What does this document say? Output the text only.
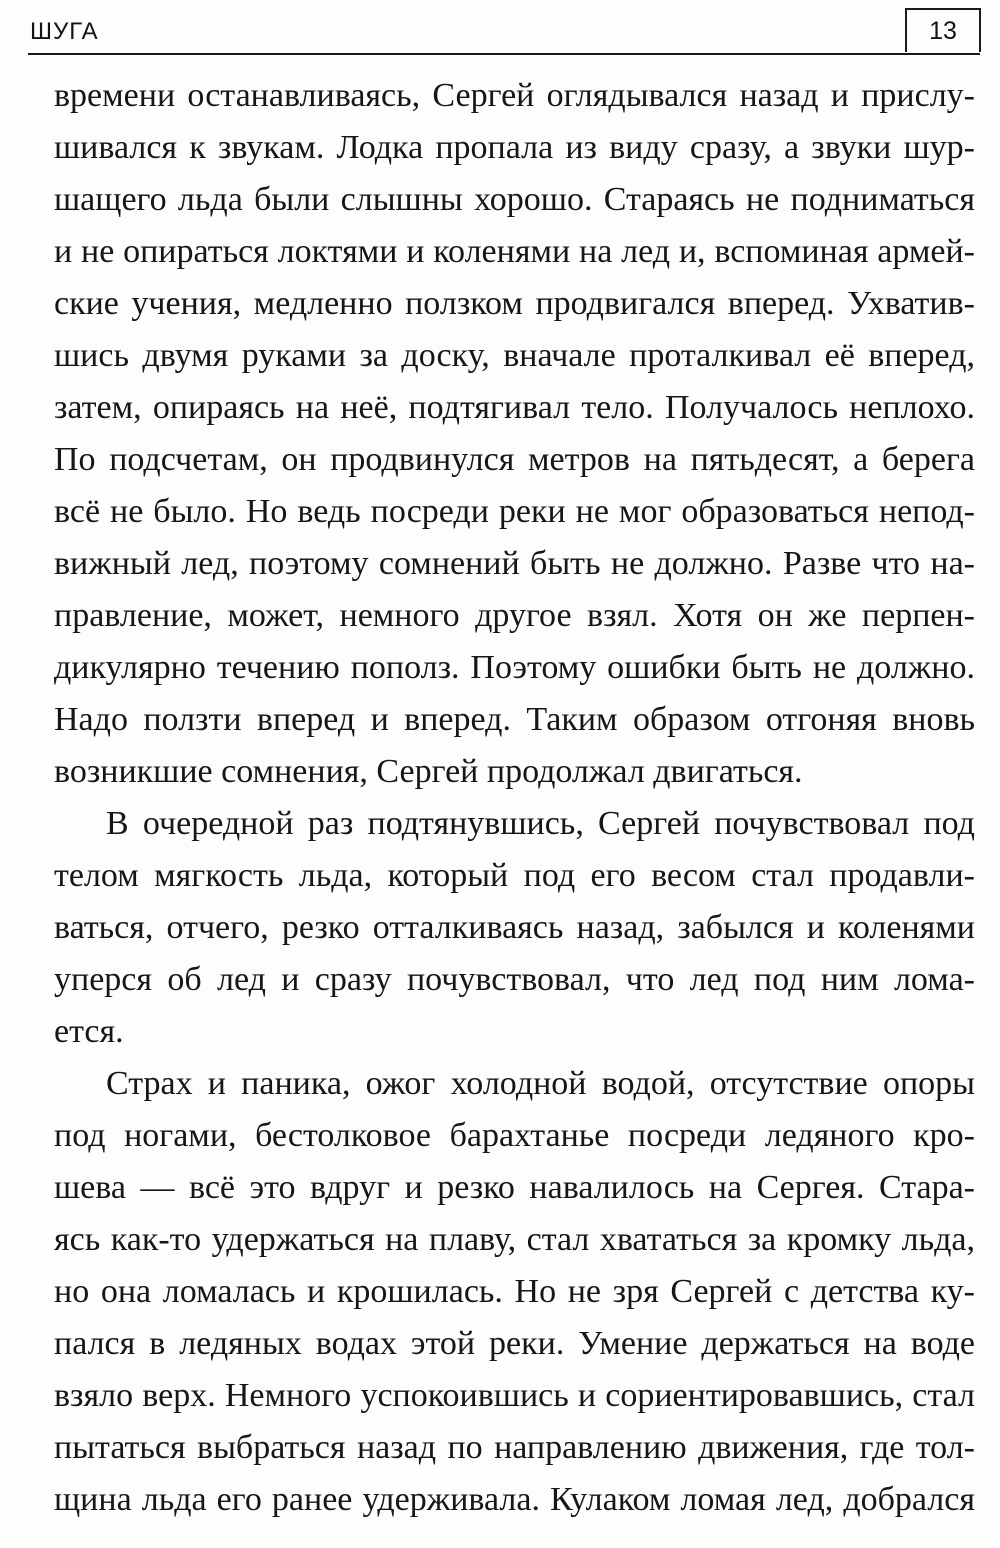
ШУГА	13
времени останавливаясь, Сергей оглядывался назад и прислу-
шивался к звукам. Лодка пропала из виду сразу, а звуки шур-
шащего льда были слышны хорошо. Стараясь не подниматься
и не опираться локтями и коленями на лед и, вспоминая армей-
ские учения, медленно ползком продвигался вперед. Ухватив-
шись двумя руками за доску, вначале проталкивал её вперед,
затем, опираясь на неё, подтягивал тело. Получалось неплохо.
По подсчетам, он продвинулся метров на пятьдесят, а берега
всё не было. Но ведь посреди реки не мог образоваться непод-
вижный лед, поэтому сомнений быть не должно. Разве что на-
правление, может, немного другое взял. Хотя он же перпен-
дикулярно течению пополз. Поэтому ошибки быть не должно.
Надо ползти вперед и вперед. Таким образом отгоняя вновь
возникшие сомнения, Сергей продолжал двигаться.
В очередной раз подтянувшись, Сергей почувствовал под
телом мягкость льда, который под его весом стал продавли-
ваться, отчего, резко отталкиваясь назад, забылся и коленями
уперся об лед и сразу почувствовал, что лед под ним лома-
ется.
Страх и паника, ожог холодной водой, отсутствие опоры
под ногами, бестолковое барахтанье посреди ледяного кро-
шева — всё это вдруг и резко навалилось на Сергея. Стара-
ясь как-то удержаться на плаву, стал хвататься за кромку льда,
но она ломалась и крошилась. Но не зря Сергей с детства ку-
пался в ледяных водах этой реки. Умение держаться на воде
взяло верх. Немного успокоившись и сориентировавшись, стал
пытаться выбраться назад по направлению движения, где тол-
щина льда его ранее удерживала. Кулаком ломая лед, добрался
